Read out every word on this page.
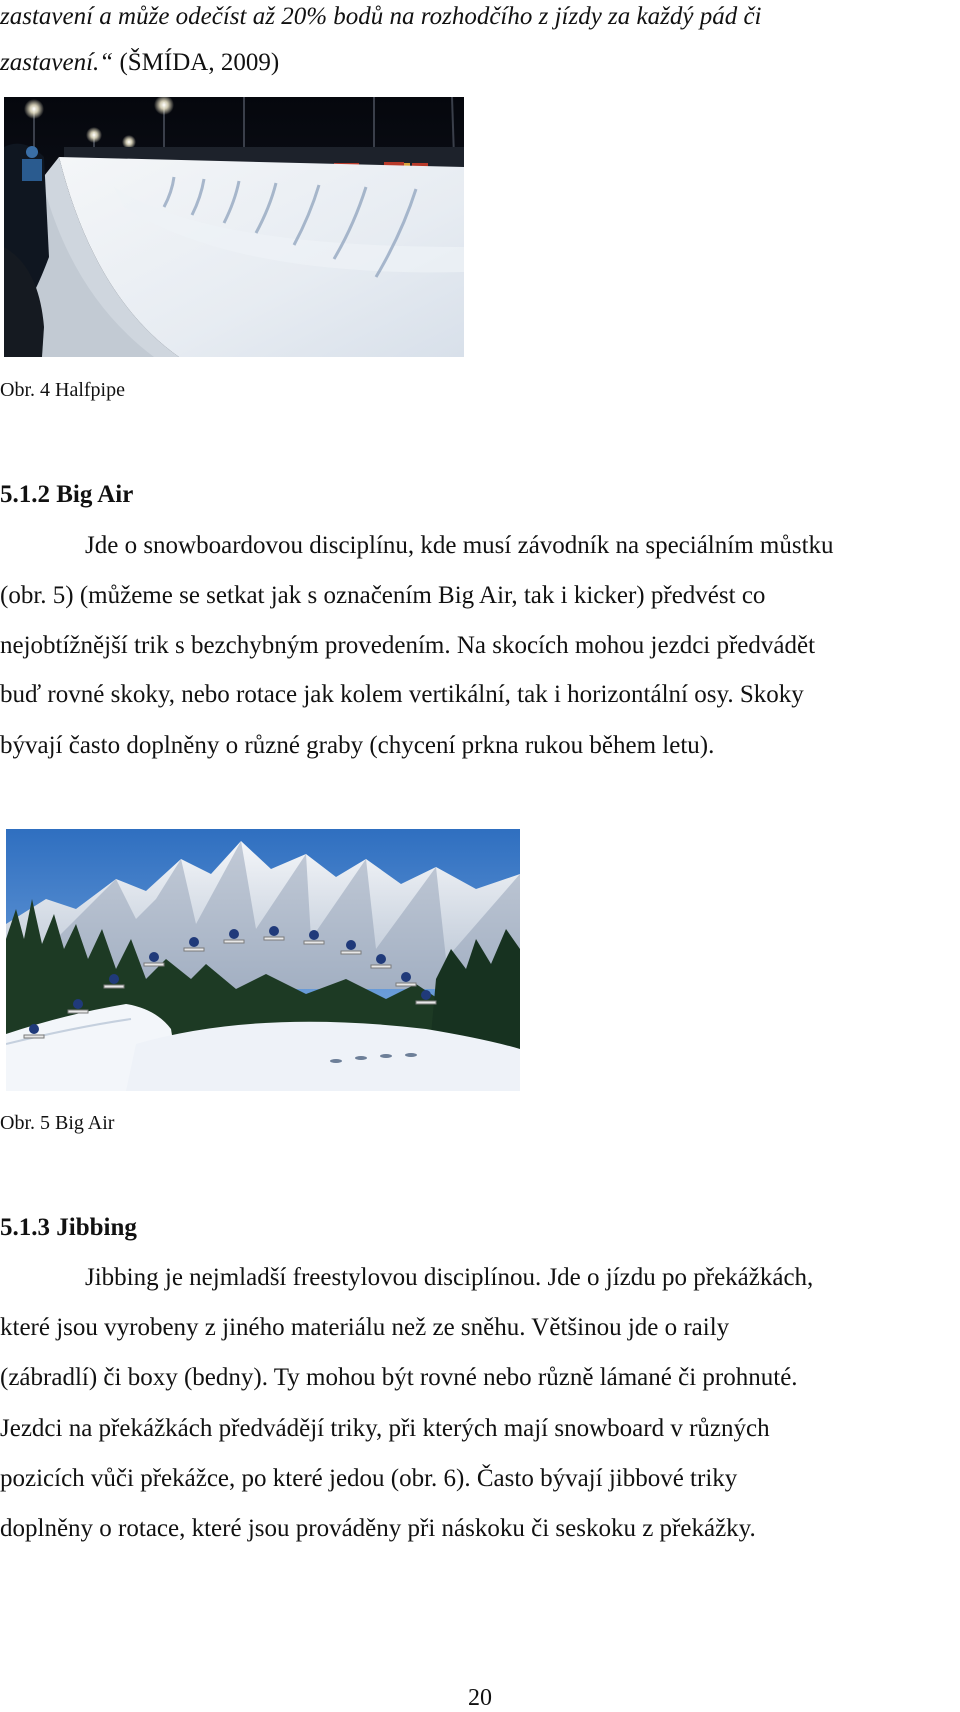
zastavení a může odečíst až 20% bodů na rozhodčího z jízdy za každý pád či
zastavení.“ (ŠMÍDA, 2009)
Obr. 4 Halfpipe
5.1.2 Big Air
Jde o snowboardovou disciplínu, kde musí závodník na speciálním můstku
(obr. 5) (můžeme se setkat jak s označením Big Air, tak i kicker) předvést co
nejobtížnější trik s bezchybným provedením. Na skocích mohou jezdci předvádět
buď rovné skoky, nebo rotace jak kolem vertikální, tak i horizontální osy. Skoky
bývají často doplněny o různé graby (chycení prkna rukou během letu).
Obr. 5 Big Air
5.1.3 Jibbing
Jibbing je nejmladší freestylovou disciplínou. Jde o jízdu po překážkách,
které jsou vyrobeny z jiného materiálu než ze sněhu. Většinou jde o raily
(zábradlí) či boxy (bedny). Ty mohou být rovné nebo různě lámané či prohnuté.
Jezdci na překážkách předvádějí triky, při kterých mají snowboard v různých
pozicích vůči překážce, po které jedou (obr. 6). Často bývají jibbové triky
doplněny o rotace, které jsou prováděny při náskoku či seskoku z překážky.
20
